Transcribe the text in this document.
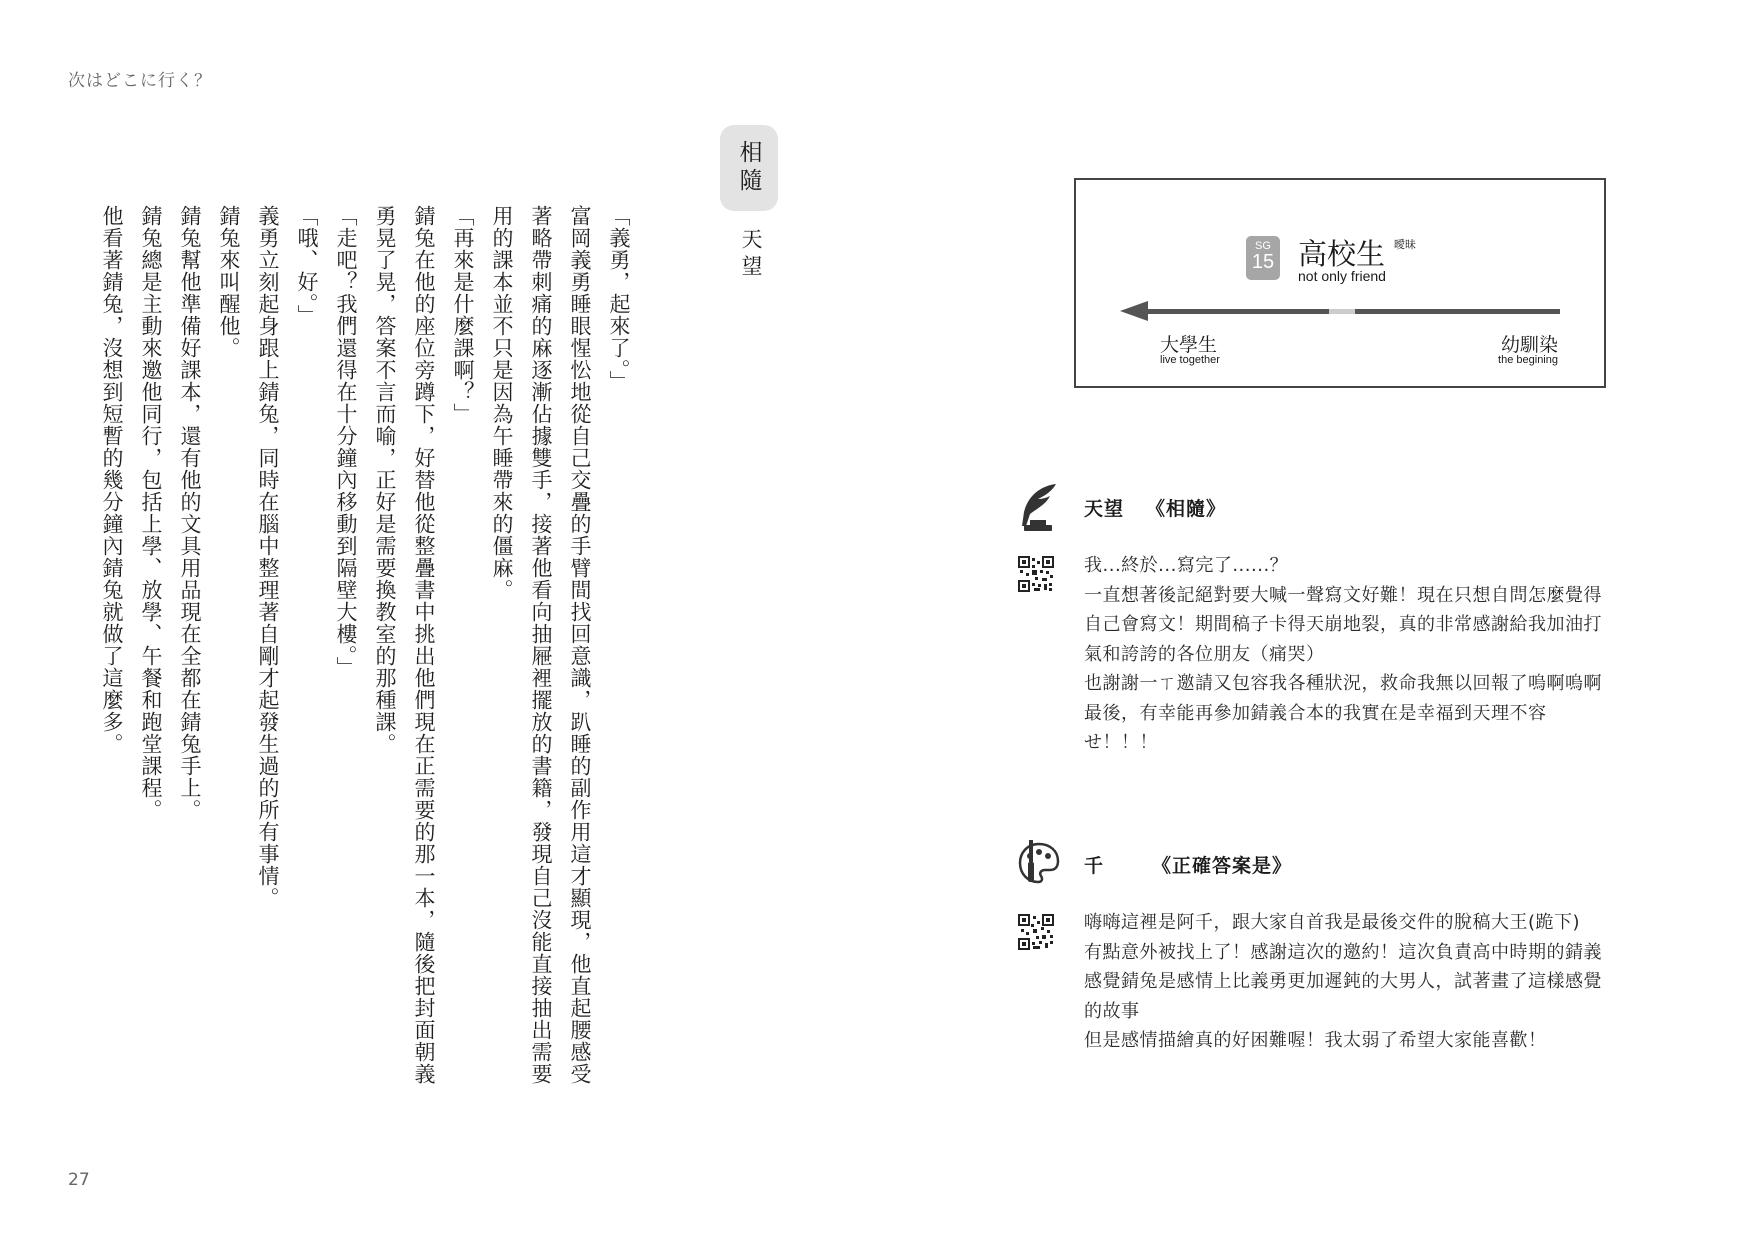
次はどこに行く？
27
相隨
天望

「義勇，起來了。」

富岡義勇睡眼惺忪地從自己交疊的手臂間找回意識，趴睡的副作用這才顯現，他直起腰感受著略帶刺痛的麻逐漸佔據雙手，接著他看向抽屜裡擺放的書籍，發現自己沒能直接抽出需要用的課本並不只是因為午睡帶來的僵麻。

「再來是什麼課啊？」

錆兔在他的座位旁蹲下，好替他從整疊書中挑出他們現在正需要的那一本，隨後把封面朝義勇晃了晃，答案不言而喻，正好是需要換教室的那種課。

「走吧？我們還得在十分鐘內移動到隔壁大樓。」

「哦、好。」

義勇立刻起身跟上錆兔，同時在腦中整理著自剛才起發生過的所有事情。

錆兔來叫醒他。

錆兔幫他準備好課本，還有他的文具用品現在全都在錆兔手上。

錆兔總是主動來邀他同行，包括上學、放學、午餐和跑堂課程。

他看著錆兔，沒想到短暫的幾分鐘內錆兔就做了這麼多。	SG
15 高校生 曖昧
not only friend
大學生
live together
幼馴染
the begining
天望 《相隨》

我...終於...寫完了......？

一直想著後記絕對要大喊一聲寫文好難！現在只想自問怎麼覺得自己會寫文！期間稿子卡得天崩地裂，真的非常感謝給我加油打氣和誇誇的各位朋友（痛哭）

也謝謝一ㄒ邀請又包容我各種狀況，救命我無以回報了嗚啊嗚啊

最後，有幸能再參加錆義合本的我實在是幸福到天理不容せ！！！

千	《正確答案是》

嗨嗨這裡是阿千，跟大家自首我是最後交件的脫稿大王(跪下)

有點意外被找上了！感謝這次的邀約！這次負責高中時期的錆義

感覺錆兔是感情上比義勇更加遲鈍的大男人，試著畫了這樣感覺的故事

但是感情描繪真的好困難喔！我太弱了希望大家能喜歡！
